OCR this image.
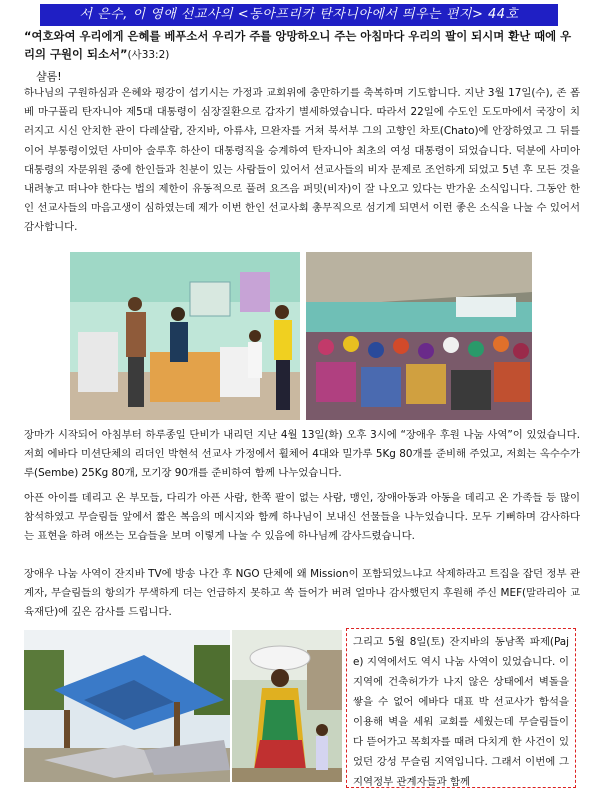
서 은수, 이 영애 선교사의 <동아프리카 탄자니아에서 띄우는 편지> 44호
“여호와여 우리에게 은혜를 베푸소서 우리가 주를 앙망하오니 주는 아침마다 우리의 팔이 되시며 환난 때에 우리의 구원이 되소서”(사33:2)
샬롬!

하나님의 구원하심과 은혜와 평강이 섭기시는 가정과 교회위에 충만하기를 축복하며 기도합니다. 지난 3월 17일(수), 존 폼베 마구풀리 탄자니아 제5대 대통령이 심장질환으로 갑자기 별세하였습니다. 따라서 22일에 수도인 도도마에서 국장이 치러지고 시신 안치한 관이 다레살람, 잔지바, 아류샤, 므완자를 거쳐 북서부 그의 고향인 차토(Chato)에 안장하였고 그 뒤를 이어 부통령이었던 사미아 술루후 하산이 대통령직을 승계하여 탄자니아 최초의 여성 대통령이 되었습니다. 덕분에 사미아 대통령의 자문위원 중에 한인들과 친분이 있는 사람들이 있어서 선교사들의 비자 문제로 조언하게 되었고 5년 후 모든 것을 내려놓고 떠나야 한다는 법의 제한이 유동적으로 풀려 요즈음 퍼밋(비자)이 잘 나오고 있다는 반가운 소식입니다. 그동안 한인 선교사들의 마음고생이 심하였는데 제가 이번 한인 선교사회 총무직으로 섬기게 되면서 이런 좋은 소식을 나눌 수 있어서 감사합니다.

장마가 시작되어 아침부터 하루종일 단비가 내리던 지난 4월 13일(화) 오후 3시에 “장애우 후원 나눔 사역”이 있었습니다. 저희 에바다 미션단체의 리더인 박현석 선교사 가정에서 휠체어 4대와 밀가루 5Kg 80개를 준비해 주었고, 저희는 옥수수가루(Sembe) 25Kg 80개, 모기장 90개를 준비하여 함께 나누었습니다.

아픈 아이를 데리고 온 부모들, 다리가 아픈 사람, 한쪽 팔이 없는 사람, 맹인, 장애아동과 아동을 데리고 온 가족들 등 많이 참석하였고 무슬림들 앞에서 짧은 복음의 메시지와 함께 하나님이 보내신 선물들을 나누었습니다. 모두 기뻐하며 감사하다는 표현을 하려 애쓰는 모습들을 보며 이렇게 나눌 수 있음에 하나님께 감사드렸습니다.

장애우 나눔 사역이 잔지바 TV에 방송 나간 후 NGO 단체에 왜 Mission이 포함되었느냐고 삭제하라고 트집을 잡던 정부 관계자, 무슬림들의 항의가 무색하게 더는 언급하지 못하고 쏙 들어가 버려 얼마나 감사했던지 후원해 주신 MEF(말라리아 교육재단)에 깊은 감사를 드립니다.

그리고 5월 8일(토) 잔지바의 동남쪽 파제(Paje) 지역에서도 역시 나눔 사역이 있었습니다. 이 지역에 건축허가가 나지 않은 상태에서 벽돌을 쌓을 수 없어 에바다 대표 박 선교사가 함석을 이용해 벽을 세워 교회를 세웠는데 무슬림들이 다 뜯어가고 목회자를 때려 다치게 한 사건이 있었던 강성 무슬림 지역입니다. 그래서 이번에 그 지역정부 관계자들과 함께
